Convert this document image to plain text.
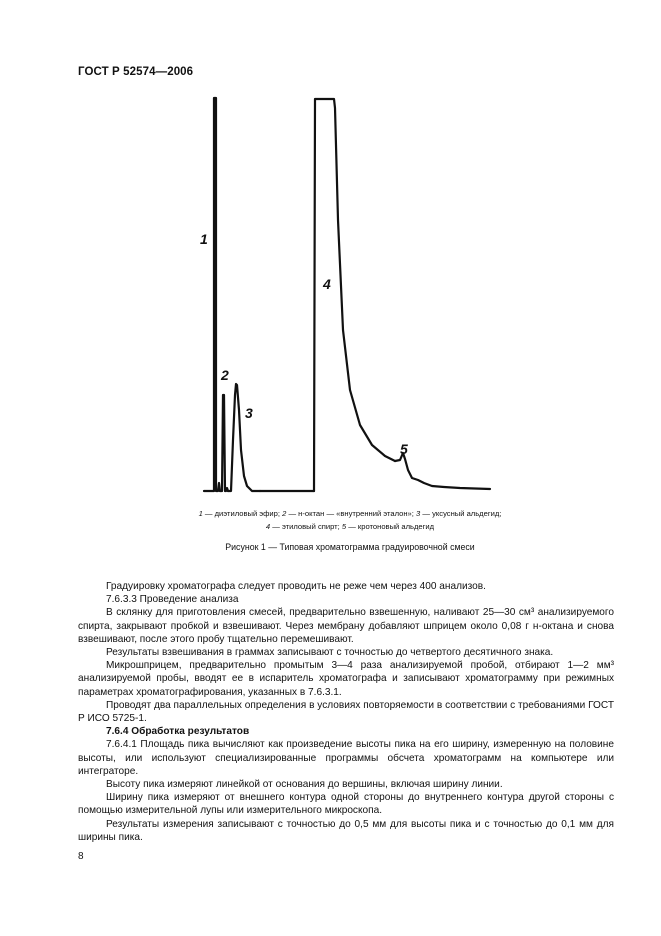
ГОСТ Р 52574—2006
1
2
3
4
5
1 — диэтиловый эфир; 2 — н-октан — «внутренний эталон»; 3 — уксусный альдегид;
4 — этиловый спирт; 5 — кротоновый альдегид
Рисунок 1 — Типовая хроматограмма градуировочной смеси

Градуировку хроматографа следует проводить не реже чем через 400 анализов.

7.6.3.3 Проведение анализа

В склянку для приготовления смесей, предварительно взвешенную, наливают 25—30 см³ анализируемого спирта, закрывают пробкой и взвешивают. Через мембрану добавляют шприцем около 0,08 г н-октана и снова взвешивают, после этого пробу тщательно перемешивают.

Результаты взвешивания в граммах записывают с точностью до четвертого десятичного знака.

Микрошприцем, предварительно промытым 3—4 раза анализируемой пробой, отбирают 1—2 мм³ анализируемой пробы, вводят ее в испаритель хроматографа и записывают хроматограмму при режимных параметрах хроматографирования, указанных в 7.6.3.1.

Проводят два параллельных определения в условиях повторяемости в соответствии с требованиями ГОСТ Р ИСО 5725-1.

7.6.4 Обработка результатов

7.6.4.1 Площадь пика вычисляют как произведение высоты пика на его ширину, измеренную на половине высоты, или используют специализированные программы обсчета хроматограмм на компьютере или интеграторе.

Высоту пика измеряют линейкой от основания до вершины, включая ширину линии.

Ширину пика измеряют от внешнего контура одной стороны до внутреннего контура другой стороны с помощью измерительной лупы или измерительного микроскопа.

Результаты измерения записывают с точностью до 0,5 мм для высоты пика и с точностью до 0,1 мм для ширины пика.

8
